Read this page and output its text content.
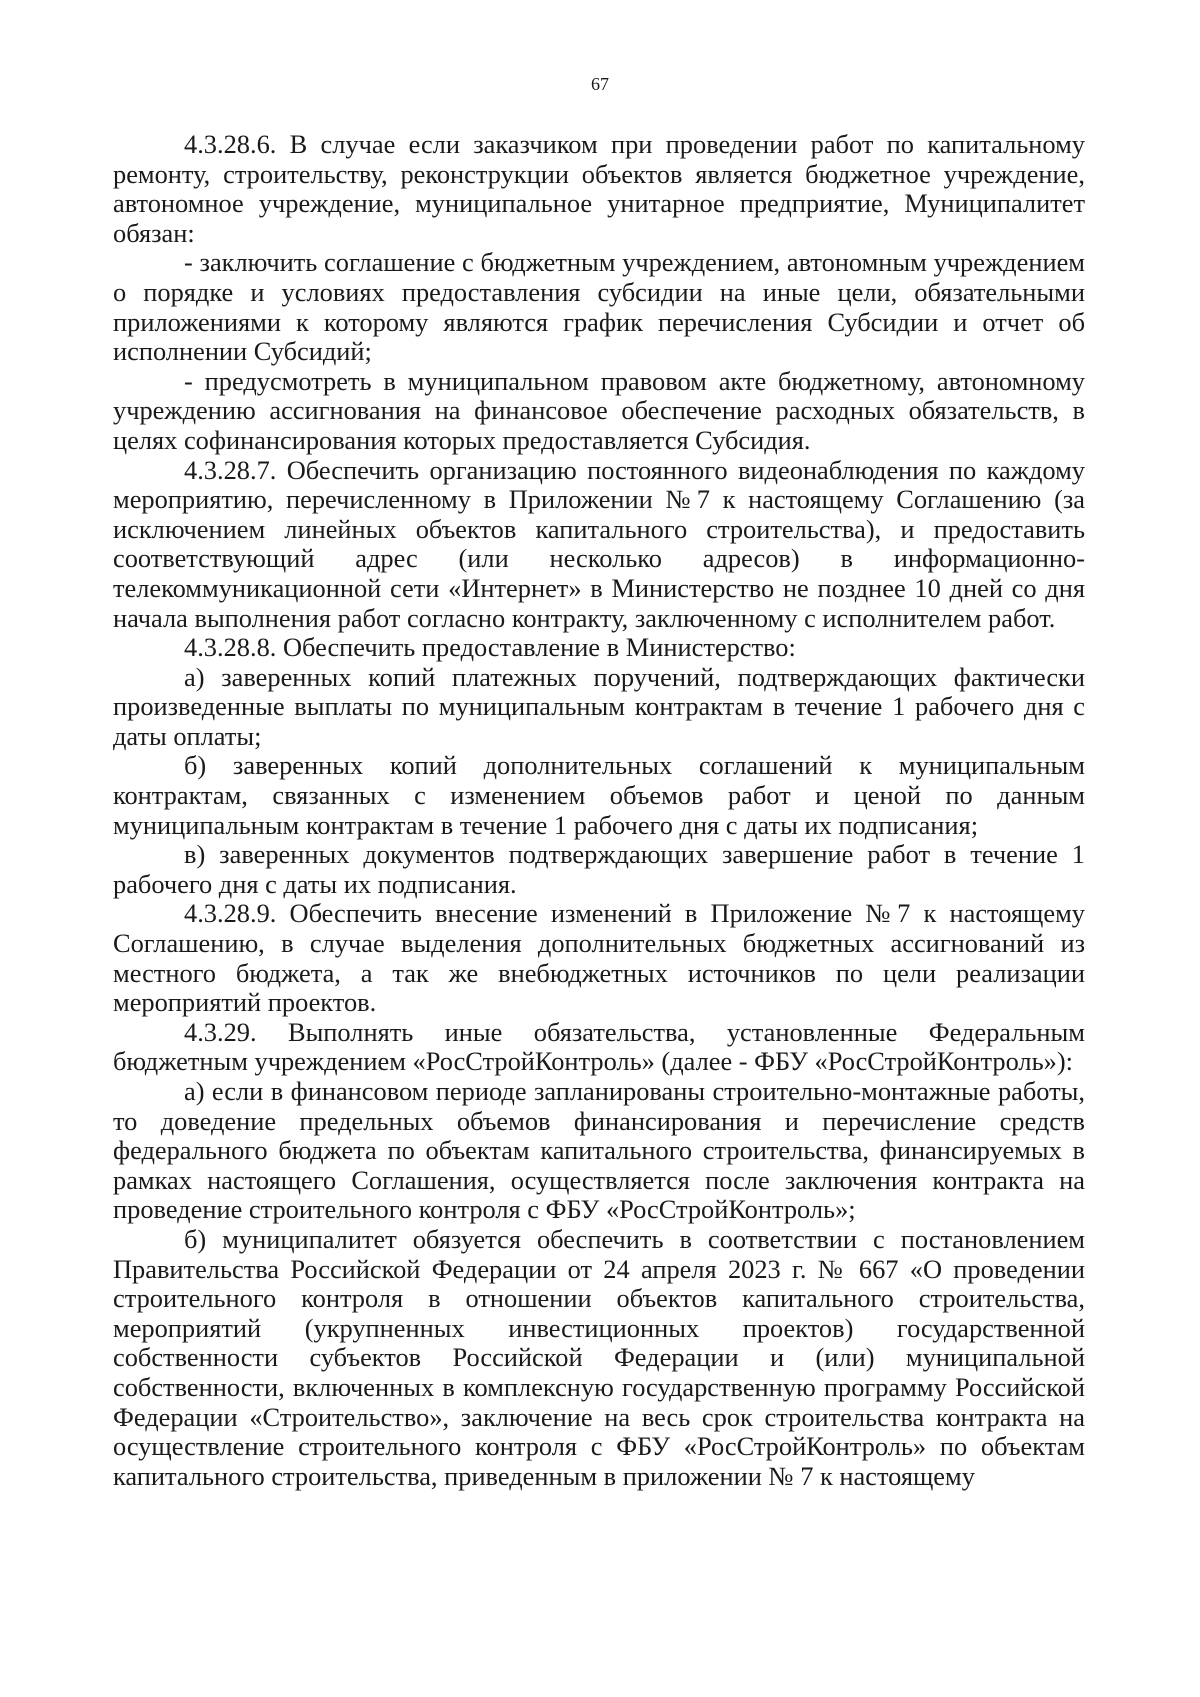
67

4.3.28.6. В случае если заказчиком при проведении работ по капитальному ремонту, строительству, реконструкции объектов является бюджетное учреждение, автономное учреждение, муниципальное унитарное предприятие, Муниципалитет обязан:

- заключить соглашение с бюджетным учреждением, автономным учреждением о порядке и условиях предоставления субсидии на иные цели, обязательными приложениями к которому являются график перечисления Субсидии и отчет об исполнении Субсидий;

- предусмотреть в муниципальном правовом акте бюджетному, автономному учреждению ассигнования на финансовое обеспечение расходных обязательств, в целях софинансирования которых предоставляется Субсидия.

4.3.28.7. Обеспечить организацию постоянного видеонаблюдения по каждому мероприятию, перечисленному в Приложении №7 к настоящему Соглашению (за исключением линейных объектов капитального строительства), и предоставить соответствующий адрес (или несколько адресов) в информационно-телекоммуникационной сети «Интернет» в Министерство не позднее 10 дней со дня начала выполнения работ согласно контракту, заключенному с исполнителем работ.

4.3.28.8. Обеспечить предоставление в Министерство:

а) заверенных копий платежных поручений, подтверждающих фактически произведенные выплаты по муниципальным контрактам в течение 1 рабочего дня с даты оплаты;

б) заверенных копий дополнительных соглашений к муниципальным контрактам, связанных с изменением объемов работ и ценой по данным муниципальным контрактам в течение 1 рабочего дня с даты их подписания;

в) заверенных документов подтверждающих завершение работ в течение 1 рабочего дня с даты их подписания.

4.3.28.9. Обеспечить внесение изменений в Приложение №7 к настоящему Соглашению, в случае выделения дополнительных бюджетных ассигнований из местного бюджета, а так же внебюджетных источников по цели реализации мероприятий проектов.

4.3.29. Выполнять иные обязательства, установленные Федеральным бюджетным учреждением «РосСтройКонтроль» (далее - ФБУ «РосСтройКонтроль»):

а) если в финансовом периоде запланированы строительно-монтажные работы, то доведение предельных объемов финансирования и перечисление средств федерального бюджета по объектам капитального строительства, финансируемых в рамках настоящего Соглашения, осуществляется после заключения контракта на проведение строительного контроля с ФБУ «РосСтройКонтроль»;

б) муниципалитет обязуется обеспечить в соответствии с постановлением Правительства Российской Федерации от 24 апреля 2023 г. № 667 «О проведении строительного контроля в отношении объектов капитального строительства, мероприятий (укрупненных инвестиционных проектов) государственной собственности субъектов Российской Федерации и (или) муниципальной собственности, включенных в комплексную государственную программу Российской Федерации «Строительство», заключение на весь срок строительства контракта на осуществление строительного контроля с ФБУ «РосСтройКонтроль» по объектам капитального строительства, приведенным в приложении № 7 к настоящему
